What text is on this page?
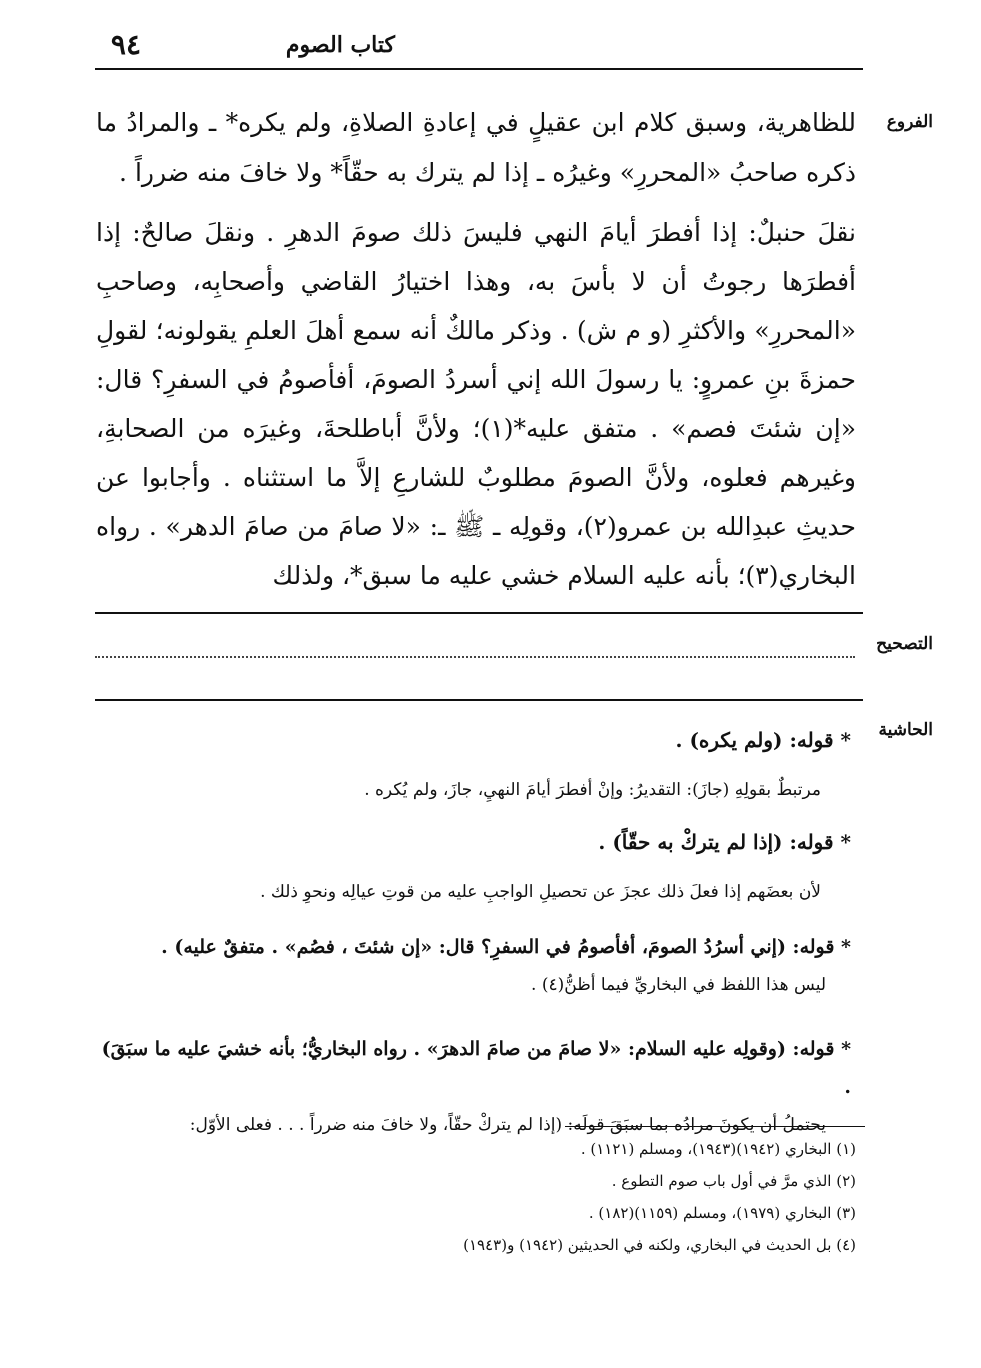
٩٤	كتاب الصوم
الفروع
للظاهرية، وسبق كلام ابن عقيلٍ في إعادةِ الصلاةِ، ولم يكره* ـ والمرادُ ما ذكره صاحبُ «المحررِ» وغيرُه ـ إذا لم يترك به حقّاً* ولا خافَ منه ضرراً .
نقلَ حنبلٌ: إذا أفطرَ أيامَ النهي فليسَ ذلك صومَ الدهرِ . ونقلَ صالحٌ: إذا أفطرَها رجوتُ أن لا بأسَ به، وهذا اختيارُ القاضي وأصحابِه، وصاحبِ «المحررِ» والأكثرِ (و م ش) . وذكر مالكٌ أنه سمع أهلَ العلمِ يقولونه؛ لقولِ حمزةَ بنِ عمروٍ: يا رسولَ الله إني أسردُ الصومَ، أفأصومُ في السفرِ؟ قال: «إن شئتَ فصم» . متفق عليه*(١)؛ ولأنَّ أباطلحةَ، وغيرَه من الصحابةِ، وغيرهم فعلوه، ولأنَّ الصومَ مطلوبٌ للشارعِ إلاَّ ما استثناه . وأجابوا عن حديثِ عبدِالله بن عمرو(٢)، وقولِه ـ ﷺ ـ: «لا صامَ من صامَ الدهر» . رواه البخاري(٣)؛ بأنه عليه السلام خشي عليه ما سبق*، ولذلك
التصحيح
الحاشية
* قوله: (ولم يكره) .
مرتبطٌ بقولِهِ (جازَ): التقديرُ: وإنْ أفطرَ أيامَ النهيِ، جازَ، ولم يُكره .
* قوله: (إذا لم يتركْ به حقّاً) .
لأن بعضَهم إذا فعلَ ذلك عجزَ عن تحصيلِ الواجبِ عليه من قوتِ عيالِه ونحوِ ذلك .
* قوله: (إني أسرُدُ الصومَ، أفأصومُ في السفرِ؟ قال: «إن شئتَ ، فصُم» . متفقٌ عليه) .
ليس هذا اللفظ في البخاريِّ فيما أظنُّ(٤) .
* قوله: (وقولِه عليه السلام: «لا صامَ من صامَ الدهرَ» . رواه البخاريُّ؛ بأنه خشيَ عليه ما سبَقَ) .
يحتملُ أن يكونَ مرادُه بما سبَقَ قولَه: (إذا لم يتركْ حقّاً، ولا خافَ منه ضرراً . . . فعلى الأوّل:
(١) البخاري (١٩٤٢)(١٩٤٣)، ومسلم (١١٢١) .
(٢) الذي مرَّ في أول باب صوم التطوع .
(٣) البخاري (١٩٧٩)، ومسلم (١١٥٩)(١٨٢) .
(٤) بل الحديث في البخاري، ولكنه في الحديثين (١٩٤٢) و(١٩٤٣)
